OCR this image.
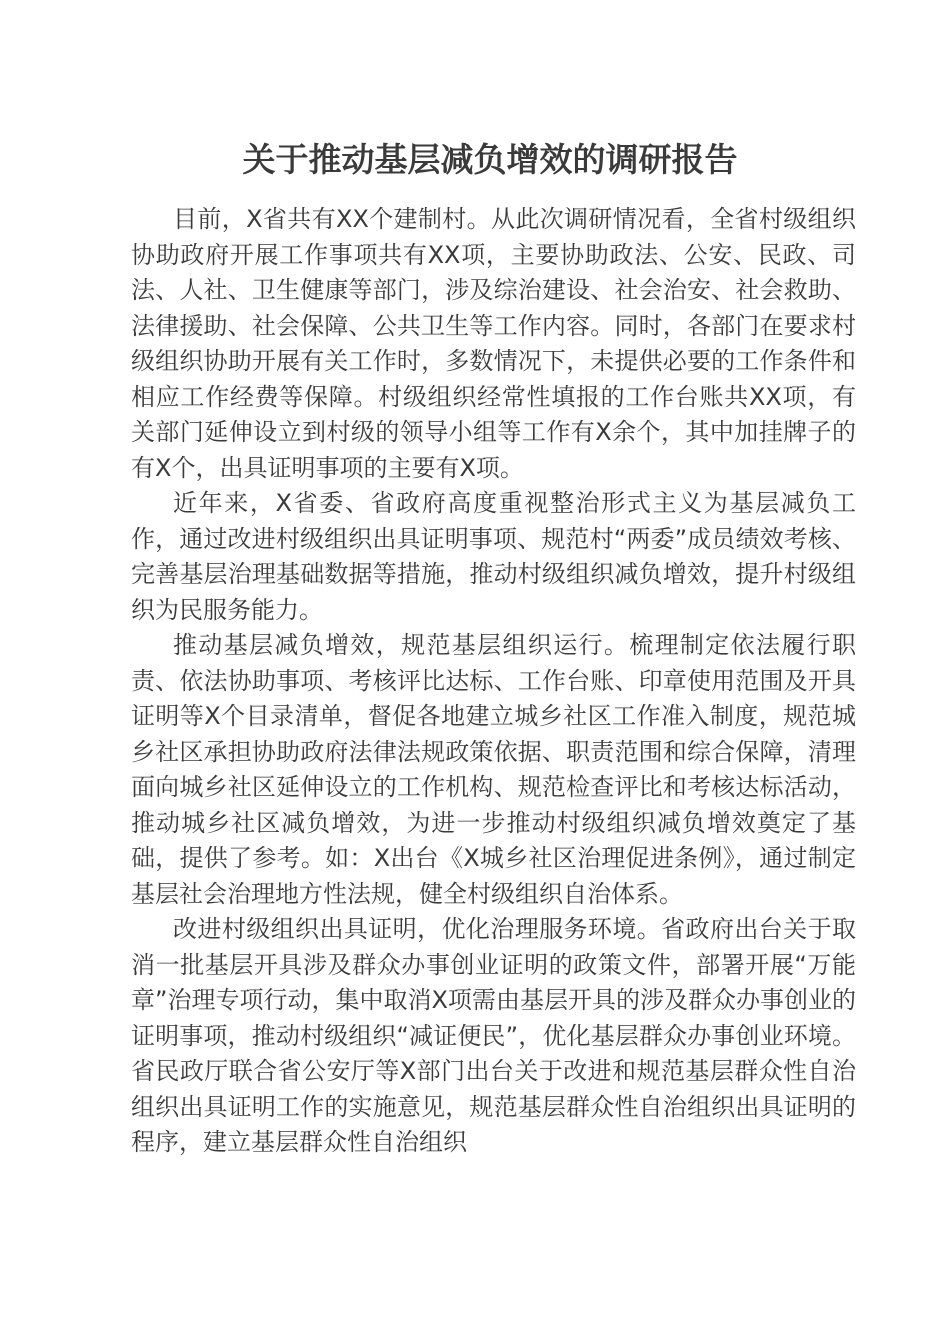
关于推动基层减负增效的调研报告

目前，X省共有XX个建制村。从此次调研情况看，全省村级组织协助政府开展工作事项共有XX项，主要协助政法、公安、民政、司法、人社、卫生健康等部门，涉及综治建设、社会治安、社会救助、法律援助、社会保障、公共卫生等工作内容。同时，各部门在要求村级组织协助开展有关工作时，多数情况下，未提供必要的工作条件和相应工作经费等保障。村级组织经常性填报的工作台账共XX项，有关部门延伸设立到村级的领导小组等工作有X余个，其中加挂牌子的有X个，出具证明事项的主要有X项。

近年来，X省委、省政府高度重视整治形式主义为基层减负工作，通过改进村级组织出具证明事项、规范村“两委”成员绩效考核、完善基层治理基础数据等措施，推动村级组织减负增效，提升村级组织为民服务能力。

推动基层减负增效，规范基层组织运行。梳理制定依法履行职责、依法协助事项、考核评比达标、工作台账、印章使用范围及开具证明等X个目录清单，督促各地建立城乡社区工作准入制度，规范城乡社区承担协助政府法律法规政策依据、职责范围和综合保障，清理面向城乡社区延伸设立的工作机构、规范检查评比和考核达标活动，推动城乡社区减负增效，为进一步推动村级组织减负增效奠定了基础，提供了参考。如：X出台《X城乡社区治理促进条例》，通过制定基层社会治理地方性法规，健全村级组织自治体系。

改进村级组织出具证明，优化治理服务环境。省政府出台关于取消一批基层开具涉及群众办事创业证明的政策文件，部署开展“万能章”治理专项行动，集中取消X项需由基层开具的涉及群众办事创业的证明事项，推动村级组织“减证便民”，优化基层群众办事创业环境。省民政厅联合省公安厅等X部门出台关于改进和规范基层群众性自治组织出具证明工作的实施意见，规范基层群众性自治组织出具证明的程序，建立基层群众性自治组织
